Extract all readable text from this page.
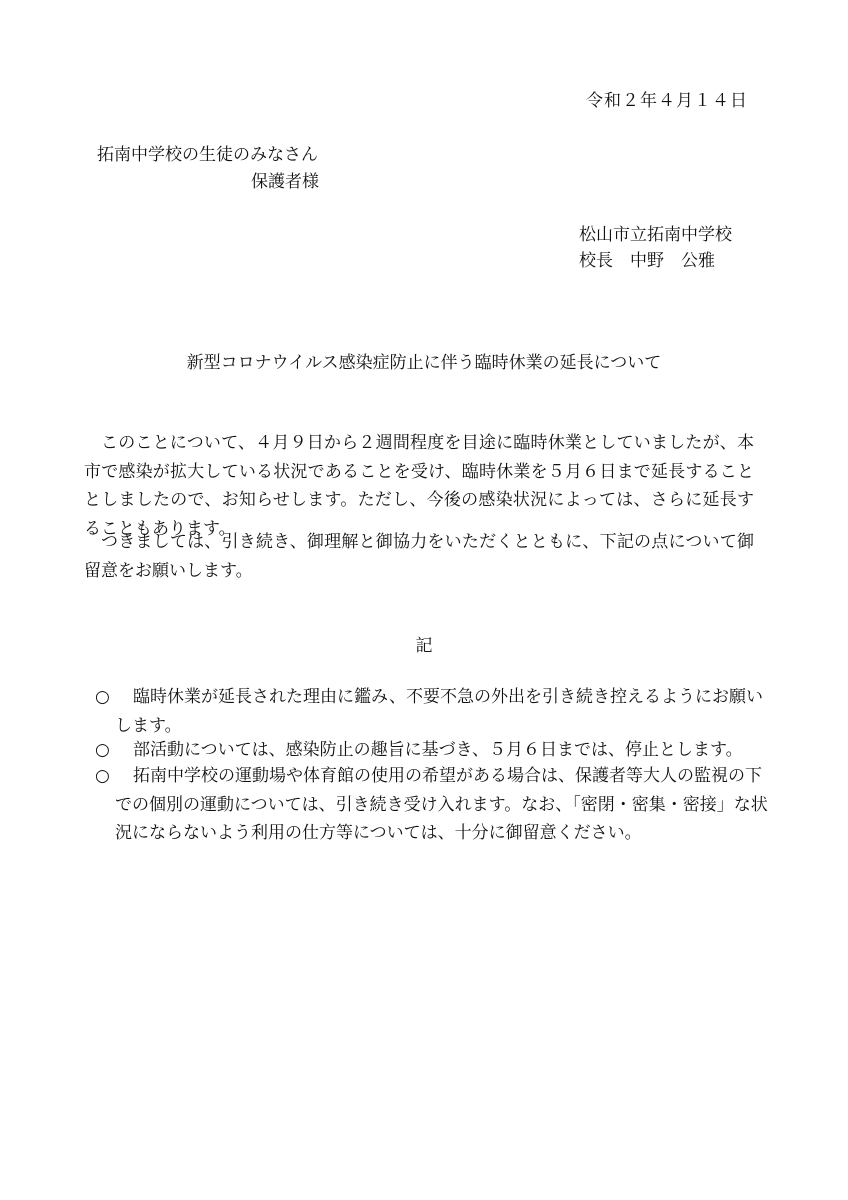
令和２年４月１４日
拓南中学校の生徒のみなさん
保護者様
松山市立拓南中学校
校長　中野　公雅
新型コロナウイルス感染症防止に伴う臨時休業の延長について

このことについて、４月９日から２週間程度を目途に臨時休業としていましたが、本市で感染が拡大している状況であることを受け、臨時休業を５月６日まで延長することとしましたので、お知らせします。ただし、今後の感染状況によっては、さらに延長することもあります。

つきましては、引き続き、御理解と御協力をいただくとともに、下記の点について御留意をお願いします。

記

○ 臨時休業が延長された理由に鑑み、不要不急の外出を引き続き控えるようにお願いします。

○ 部活動については、感染防止の趣旨に基づき、５月６日までは、停止とします。

○ 拓南中学校の運動場や体育館の使用の希望がある場合は、保護者等大人の監視の下での個別の運動については、引き続き受け入れます。なお、「密閉・密集・密接」な状況にならないよう利用の仕方等については、十分に御留意ください。
